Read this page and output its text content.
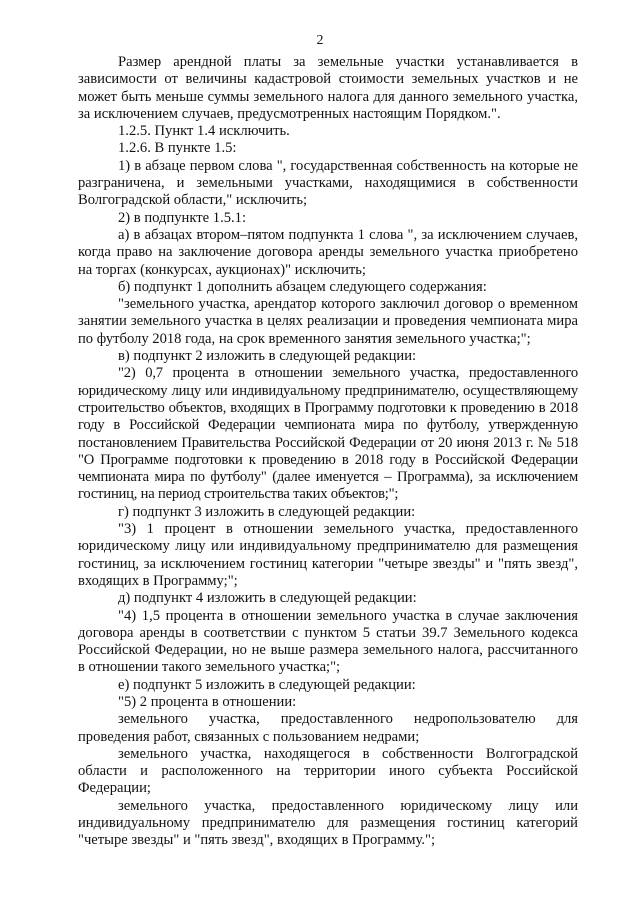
2

Размер арендной платы за земельные участки устанавливается в зависимости от величины кадастровой стоимости земельных участков и не может быть меньше суммы земельного налога для данного земельного участка, за исключением случаев, предусмотренных настоящим Порядком.".

1.2.5. Пункт 1.4 исключить.

1.2.6. В пункте 1.5:

1) в абзаце первом слова ", государственная собственность на которые не разграничена, и земельными участками, находящимися в собственности Волгоградской области," исключить;

2) в подпункте 1.5.1:

а) в абзацах втором–пятом подпункта 1 слова ", за исключением случаев, когда право на заключение договора аренды земельного участка приобретено на торгах (конкурсах, аукционах)" исключить;

б) подпункт 1 дополнить абзацем следующего содержания:

"земельного участка, арендатор которого заключил договор о временном занятии земельного участка в целях реализации и проведения чемпионата мира по футболу 2018 года, на срок временного занятия земельного участка;";

в) подпункт 2 изложить в следующей редакции:

"2) 0,7 процента в отношении земельного участка, предоставленного юридическому лицу или индивидуальному предпринимателю, осуществляющему строительство объектов, входящих в Программу подготовки к проведению в 2018 году в Российской Федерации чемпионата мира по футболу, утвержденную постановлением Правительства Российской Федерации от 20 июня 2013 г. № 518 "О Программе подготовки к проведению в 2018 году в Российской Федерации чемпионата мира по футболу" (далее именуется – Программа), за исключением гостиниц, на период строительства таких объектов;";

г) подпункт 3 изложить в следующей редакции:

"3) 1 процент в отношении земельного участка, предоставленного юридическому лицу или индивидуальному предпринимателю для размещения гостиниц, за исключением гостиниц категории "четыре звезды" и "пять звезд", входящих в Программу;";

д) подпункт 4 изложить в следующей редакции:

"4) 1,5 процента в отношении земельного участка в случае заключения договора аренды в соответствии с пунктом 5 статьи 39.7 Земельного кодекса Российской Федерации, но не выше размера земельного налога, рассчитанного в отношении такого земельного участка;";

е) подпункт 5 изложить в следующей редакции:

"5) 2 процента в отношении:

земельного участка, предоставленного недропользователю для проведения работ, связанных с пользованием недрами;

земельного участка, находящегося в собственности Волгоградской области и расположенного на территории иного субъекта Российской Федерации;

земельного участка, предоставленного юридическому лицу или индивидуальному предпринимателю для размещения гостиниц категорий "четыре звезды" и "пять звезд", входящих в Программу.";
